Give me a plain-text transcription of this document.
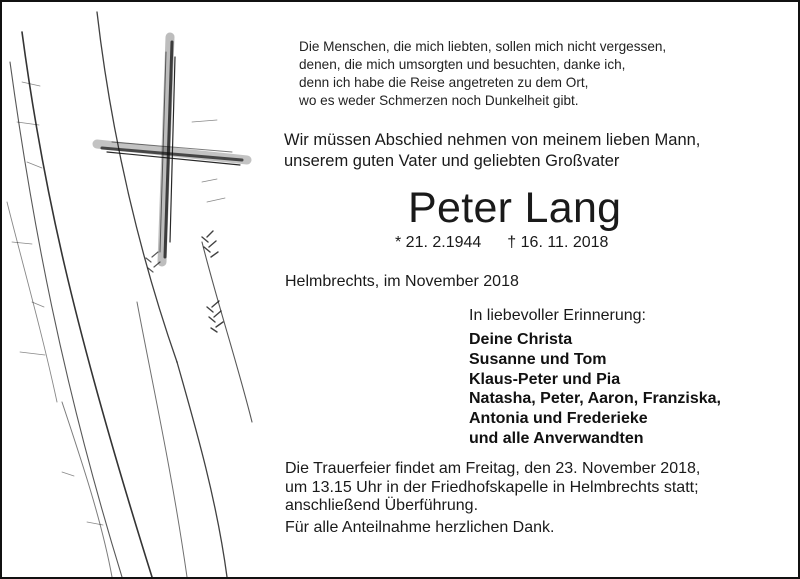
Die Menschen, die mich liebten, sollen mich nicht vergessen,
denen, die mich umsorgten und besuchten, danke ich,
denn ich habe die Reise angetreten zu dem Ort,
wo es weder Schmerzen noch Dunkelheit gibt.
Wir müssen Abschied nehmen von meinem lieben Mann,
unserem guten Vater und geliebten Großvater
Peter Lang
* 21. 2.1944 † 16. 11. 2018
Helmbrechts, im November 2018
In liebevoller Erinnerung:
Deine Christa
Susanne und Tom
Klaus-Peter und Pia
Natasha, Peter, Aaron, Franziska,
Antonia und Frederieke
und alle Anverwandten
Die Trauerfeier findet am Freitag, den 23. November 2018,
um 13.15 Uhr in der Friedhofskapelle in Helmbrechts statt;
anschließend Überführung.
Für alle Anteilnahme herzlichen Dank.
